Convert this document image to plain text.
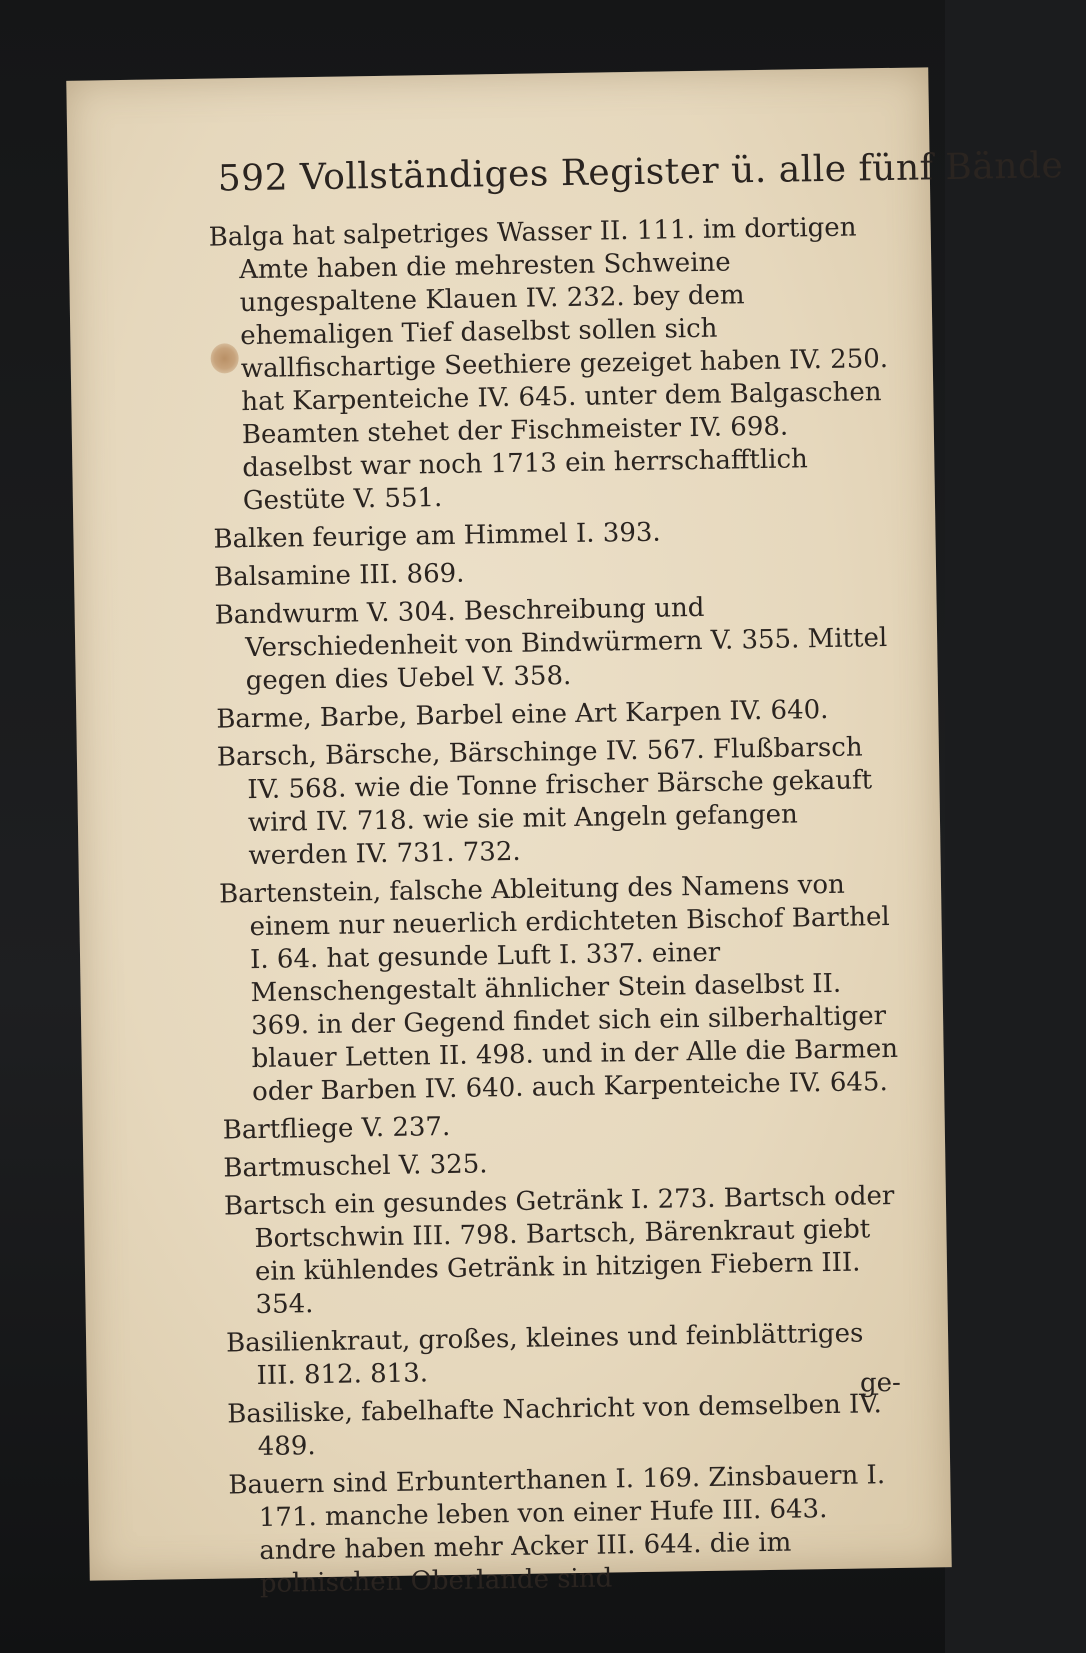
592 Vollständiges Register ü. alle fünf Bände

Balga hat salpetriges Wasser II. 111. im dortigen Amte haben die mehresten Schweine ungespaltene Klauen IV. 232. bey dem ehemaligen Tief daselbst sollen sich wallfischartige Seethiere gezeiget haben IV. 250. hat Karpenteiche IV. 645. unter dem Balgaschen Beamten stehet der Fischmeister IV. 698. daselbst war noch 1713 ein herrschafftlich Gestüte V. 551.

Balken feurige am Himmel I. 393.

Balsamine III. 869.

Bandwurm V. 304. Beschreibung und Verschiedenheit von Bindwürmern V. 355. Mittel gegen dies Uebel V. 358.

Barme, Barbe, Barbel eine Art Karpen IV. 640.

Barsch, Bärsche, Bärschinge IV. 567. Flußbarsch IV. 568. wie die Tonne frischer Bärsche gekauft wird IV. 718. wie sie mit Angeln gefangen werden IV. 731. 732.

Bartenstein, falsche Ableitung des Namens von einem nur neuerlich erdichteten Bischof Barthel I. 64. hat gesunde Luft I. 337. einer Menschengestalt ähnlicher Stein daselbst II. 369. in der Gegend findet sich ein silberhaltiger blauer Letten II. 498. und in der Alle die Barmen oder Barben IV. 640. auch Karpenteiche IV. 645.

Bartfliege V. 237.

Bartmuschel V. 325.

Bartsch ein gesundes Getränk I. 273. Bartsch oder Bortschwin III. 798. Bartsch, Bärenkraut giebt ein kühlendes Getränk in hitzigen Fiebern III. 354.

Basilienkraut, großes, kleines und feinblättriges III. 812. 813.

Basiliske, fabelhafte Nachricht von demselben IV. 489.

Bauern sind Erbunterthanen I. 169. Zinsbauern I. 171. manche leben von einer Hufe III. 643. andre haben mehr Acker III. 644. die im polnischen Oberlande sind

ge-
